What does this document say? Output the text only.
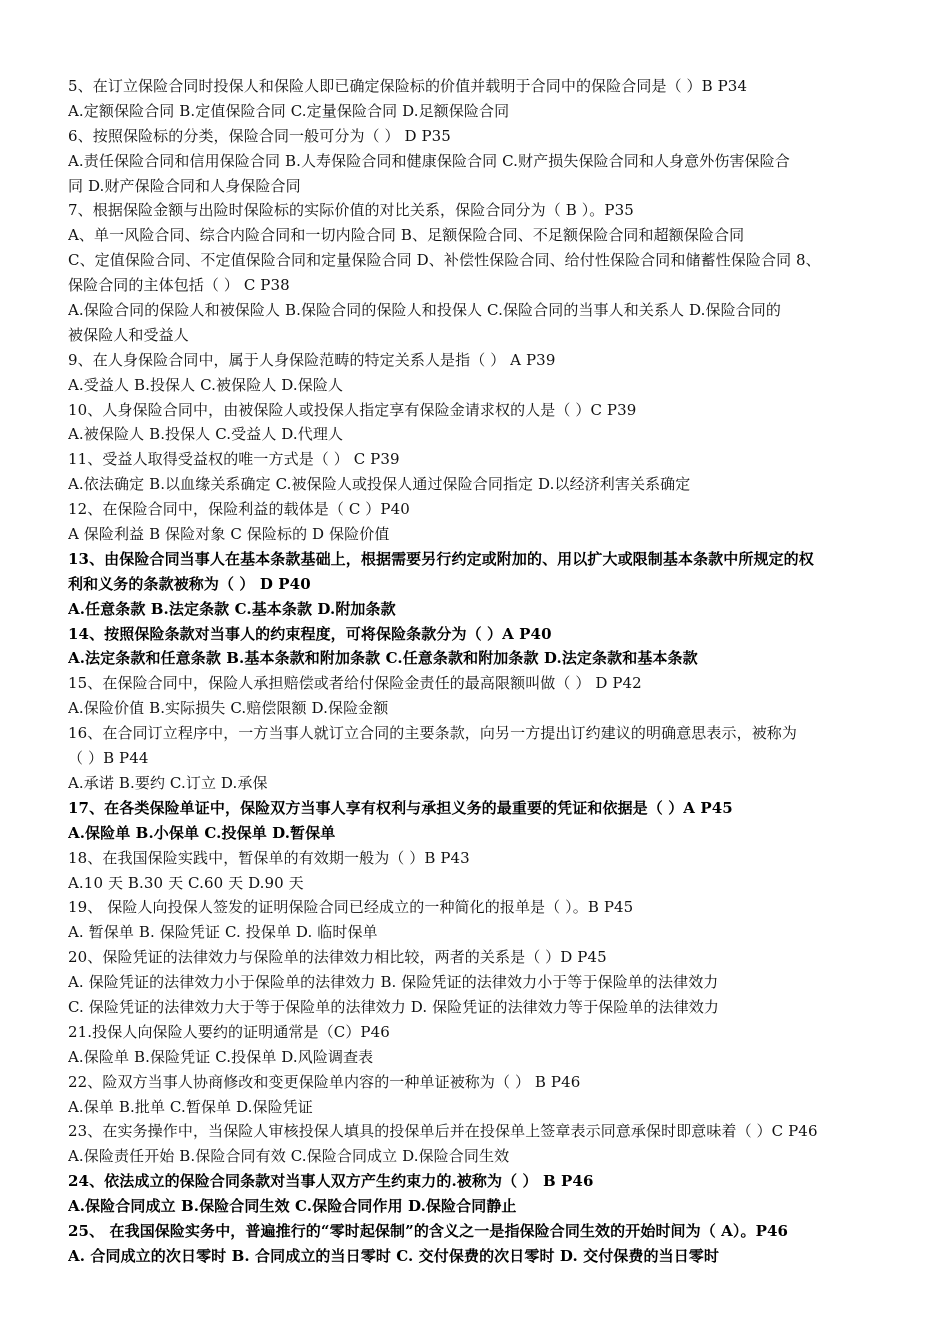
5、在订立保险合同时投保人和保险人即已确定保险标的价值并载明于合同中的保险合同是（ ）B P34
A.定额保险合同 B.定值保险合同 C.定量保险合同 D.足额保险合同
6、按照保险标的分类，保险合同一般可分为（ ） D P35
A.责任保险合同和信用保险合同 B.人寿保险合同和健康保险合同 C.财产损失保险合同和人身意外伤害保险合
同 D.财产保险合同和人身保险合同
7、根据保险金额与出险时保险标的实际价值的对比关系，保险合同分为（ B ）。P35
A、单一风险合同、综合内险合同和一切内险合同 B、足额保险合同、不足额保险合同和超额保险合同
C、定值保险合同、不定值保险合同和定量保险合同 D、补偿性保险合同、给付性保险合同和储蓄性保险合同 8、
保险合同的主体包括（ ） C P38
A.保险合同的保险人和被保险人 B.保险合同的保险人和投保人 C.保险合同的当事人和关系人 D.保险合同的
被保险人和受益人
9、在人身保险合同中，属于人身保险范畴的特定关系人是指（ ） A P39
A.受益人 B.投保人 C.被保险人 D.保险人
10、人身保险合同中，由被保险人或投保人指定享有保险金请求权的人是（ ）C P39
A.被保险人 B.投保人 C.受益人 D.代理人
11、受益人取得受益权的唯一方式是（ ） C P39
A.依法确定 B.以血缘关系确定 C.被保险人或投保人通过保险合同指定 D.以经济利害关系确定
12、在保险合同中，保险利益的载体是（ C ）P40
A 保险利益 B 保险对象 C 保险标的 D 保险价值
13、由保险合同当事人在基本条款基础上，根据需要另行约定或附加的、用以扩大或限制基本条款中所规定的权
利和义务的条款被称为（ ） D P40
A.任意条款 B.法定条款 C.基本条款 D.附加条款
14、按照保险条款对当事人的约束程度，可将保险条款分为（ ）A P40
A.法定条款和任意条款 B.基本条款和附加条款 C.任意条款和附加条款 D.法定条款和基本条款
15、在保险合同中，保险人承担赔偿或者给付保险金责任的最高限额叫做（ ） D P42
A.保险价值 B.实际损失 C.赔偿限额 D.保险金额
16、在合同订立程序中，一方当事人就订立合同的主要条款，向另一方提出订约建议的明确意思表示，被称为
（ ）B P44
A.承诺 B.要约 C.订立 D.承保
17、在各类保险单证中，保险双方当事人享有权利与承担义务的最重要的凭证和依据是（ ）A P45
A.保险单 B.小保单 C.投保单 D.暂保单
18、在我国保险实践中，暂保单的有效期一般为（ ）B P43
A.10 天 B.30 天 C.60 天 D.90 天
19、 保险人向投保人签发的证明保险合同已经成立的一种简化的报单是（ ）。B P45
A. 暂保单 B. 保险凭证 C. 投保单 D. 临时保单
20、保险凭证的法律效力与保险单的法律效力相比较，两者的关系是（ ）D P45
A. 保险凭证的法律效力小于保险单的法律效力 B. 保险凭证的法律效力小于等于保险单的法律效力
C. 保险凭证的法律效力大于等于保险单的法律效力 D. 保险凭证的法律效力等于保险单的法律效力
21.投保人向保险人要约的证明通常是（C）P46
A.保险单 B.保险凭证 C.投保单 D.风险调查表
22、险双方当事人协商修改和变更保险单内容的一种单证被称为（ ） B P46
A.保单 B.批单 C.暂保单 D.保险凭证
23、在实务操作中，当保险人审核投保人填具的投保单后并在投保单上签章表示同意承保时即意味着（ ）C P46
A.保险责任开始 B.保险合同有效 C.保险合同成立 D.保险合同生效
24、依法成立的保险合同条款对当事人双方产生约束力的.被称为（ ） B P46
A.保险合同成立 B.保险合同生效 C.保险合同作用 D.保险合同静止
25、 在我国保险实务中，普遍推行的“零时起保制”的含义之一是指保险合同生效的开始时间为（ A）。P46
A. 合同成立的次日零时 B. 合同成立的当日零时 C. 交付保费的次日零时 D. 交付保费的当日零时
